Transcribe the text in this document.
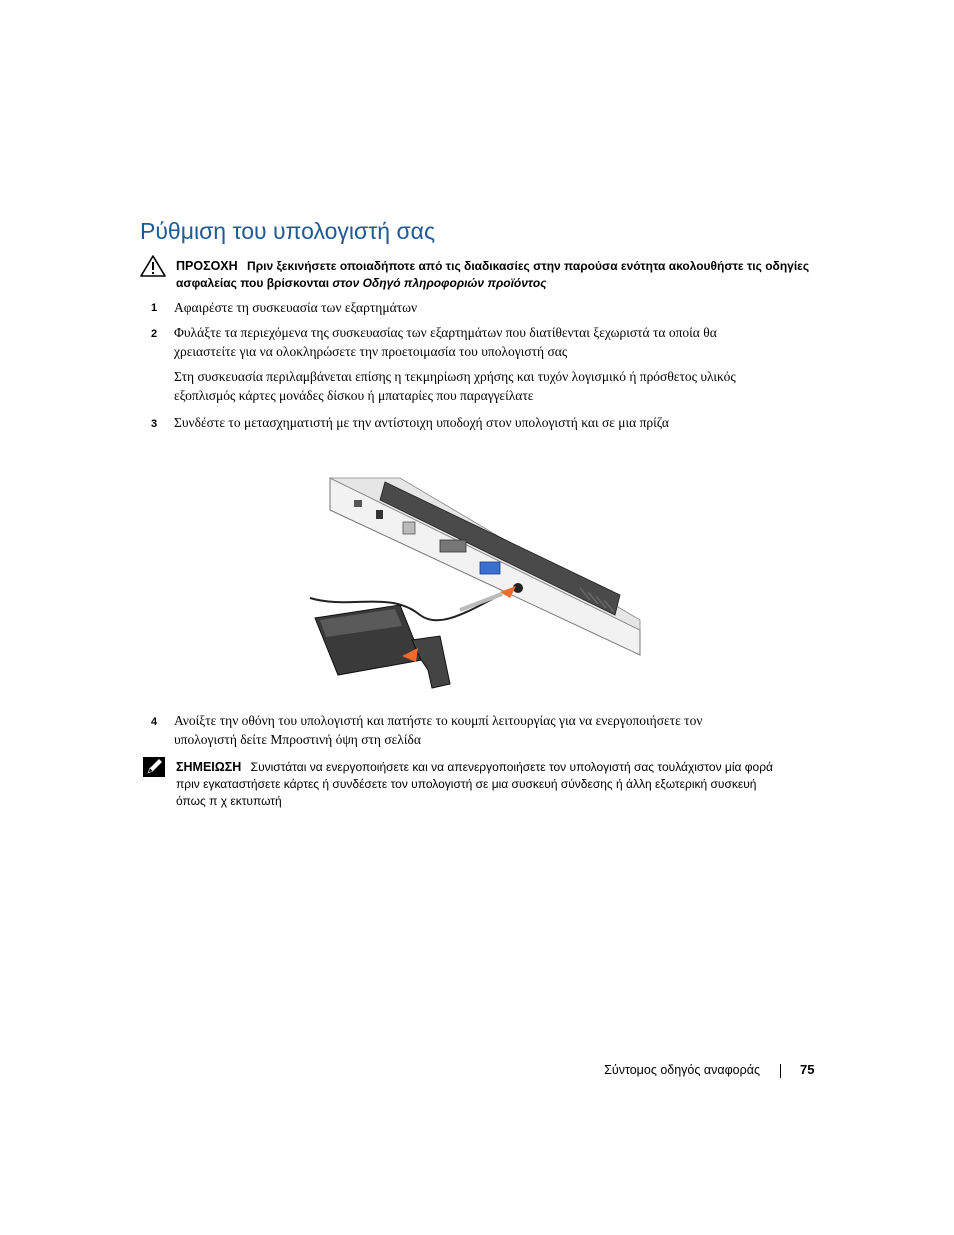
Ρύθμιση του υπολογιστή σας
ΠΡΟΣΟΧΗ Πριν ξεκινήσετε οποιαδήποτε από τις διαδικασίες στην παρούσα ενότητα ακολουθήστε τις οδηγίες ασφαλείας που βρίσκονται στον Οδηγό πληροφοριών προϊόντος
1 Αφαιρέστε τη συσκευασία των εξαρτημάτων
2 Φυλάξτε τα περιεχόμενα της συσκευασίας των εξαρτημάτων που διατίθενται ξεχωριστά τα οποία θα
χρειαστείτε για να ολοκληρώσετε την προετοιμασία του υπολογιστή σας
Στη συσκευασία περιλαμβάνεται επίσης η τεκμηρίωση χρήσης και τυχόν λογισμικό ή πρόσθετος υλικός
εξοπλισμός κάρτες μονάδες δίσκου ή μπαταρίες που παραγγείλατε
3 Συνδέστε το μετασχηματιστή με την αντίστοιχη υποδοχή στον υπολογιστή και σε μια πρίζα
4 Ανοίξτε την οθόνη του υπολογιστή και πατήστε το κουμπί λειτουργίας για να ενεργοποιήσετε τον
υπολογιστή δείτε Μπροστινή όψη στη σελίδα
ΣΗΜΕΙΩΣΗ Συνιστάται να ενεργοποιήσετε και να απενεργοποιήσετε τον υπολογιστή σας τουλάχιστον μία φορά
πριν εγκαταστήσετε κάρτες ή συνδέσετε τον υπολογιστή σε μια συσκευή σύνδεσης ή άλλη εξωτερική συσκευή
όπως π χ εκτυπωτή
Σύντομος οδηγός αναφοράς	75
